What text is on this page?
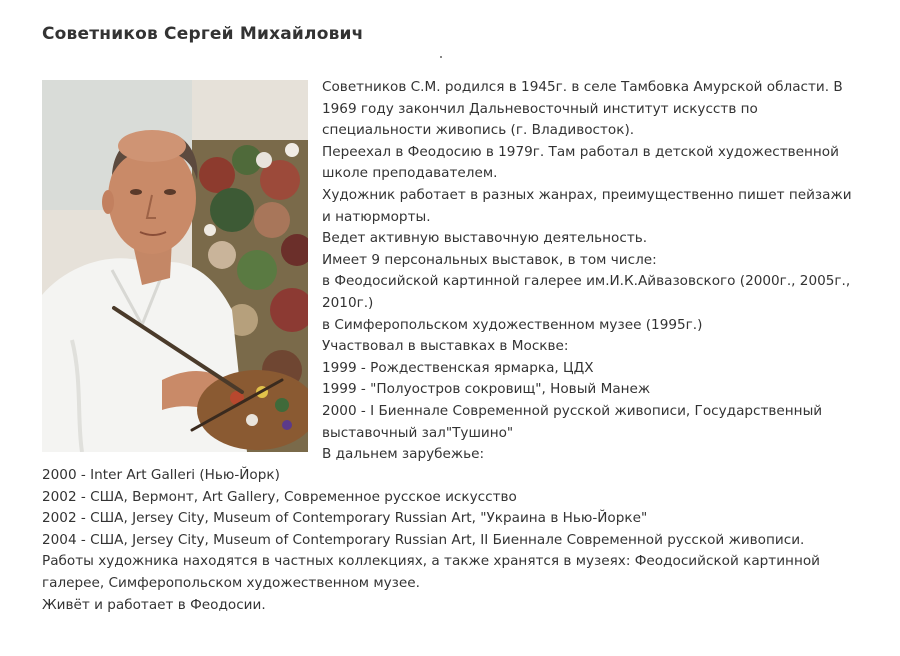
Советников Сергей Михайлович
Советников С.М. родился в 1945г. в селе Тамбовка Амурской области. В
1969 году закончил Дальневосточный институт искусств по
специальности живопись (г. Владивосток).
Переехал в Феодосию в 1979г. Там работал в детской художественной
школе преподавателем.
Художник работает в разных жанрах, преимущественно пишет пейзажи
и натюрморты.
Ведет активную выставочную деятельность.
Имеет 9 персональных выставок, в том числе:
в Феодосийской картинной галерее им.И.К.Айвазовского (2000г., 2005г.,
2010г.)
в Симферопольском художественном музее (1995г.)
Участвовал в выставках в Москве:
1999 - Рождественская ярмарка, ЦДХ
1999 - "Полуостров сокровищ", Новый Манеж
2000 - I Биеннале Современной русской живописи, Государственный
выставочный зал"Тушино"
В дальнем зарубежье:
2000 - Inter Art Galleri (Нью-Йорк)
2002 - США, Вермонт, Art Gallery, Современное русское искусство
2002 - США, Jersey City, Museum of Contemporary Russian Art, "Украина в Нью-Йорке"
2004 - США, Jersey City, Museum of Contemporary Russian Art, II Биеннале Современной русской живописи.
Работы художника находятся в частных коллекциях, а также хранятся в музеях: Феодосийской картинной
галерее, Симферопольском художественном музее.
Живёт и работает в Феодосии.
